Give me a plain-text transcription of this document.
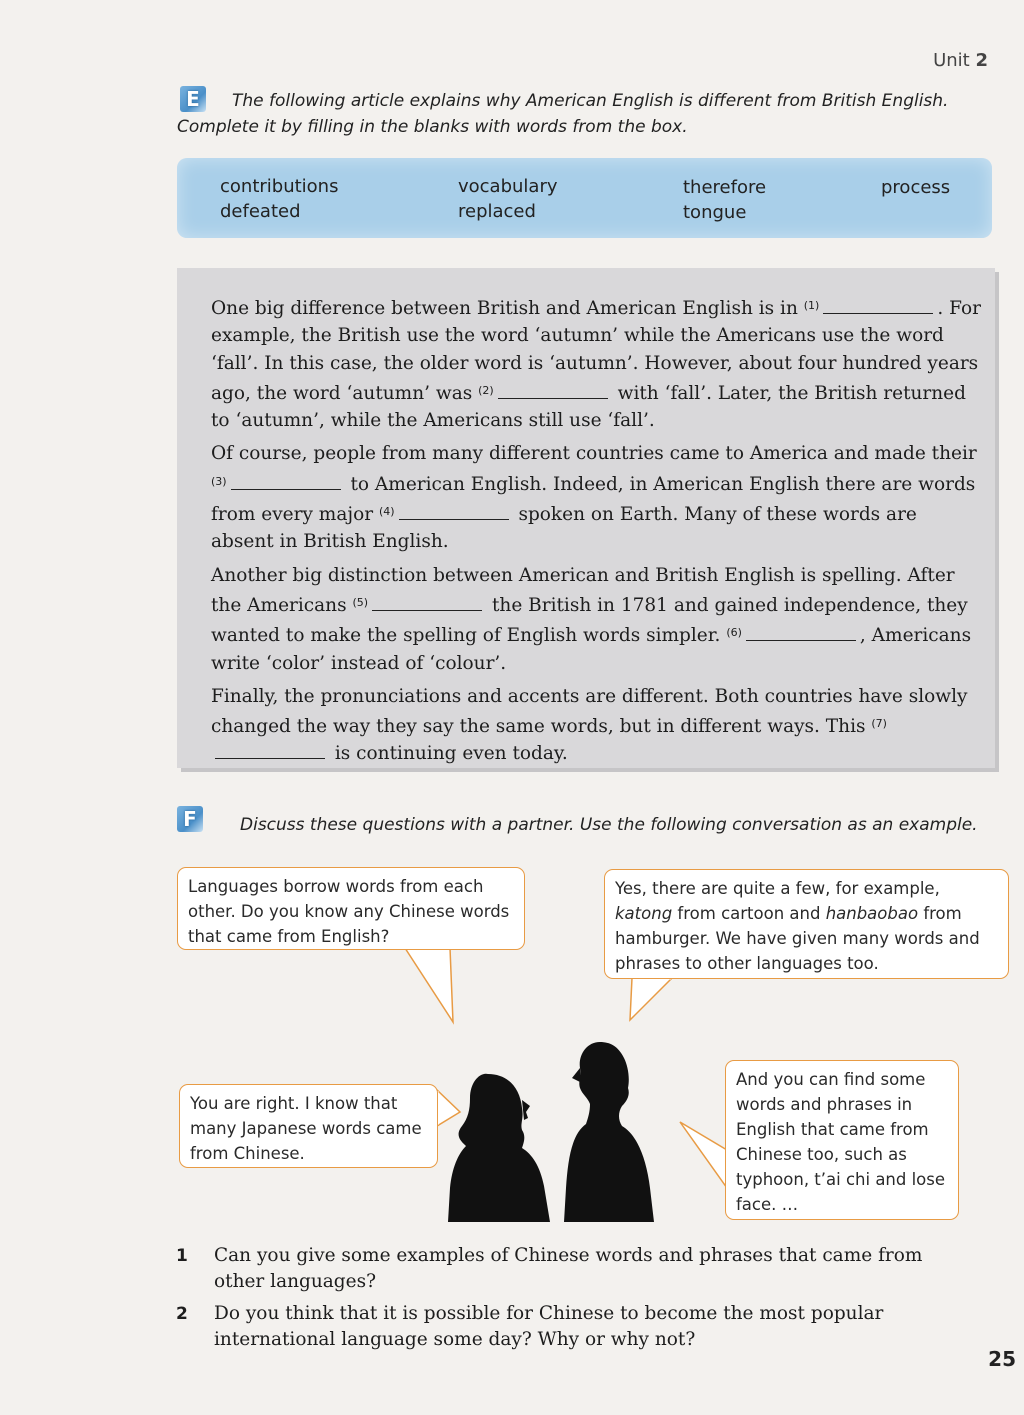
Unit 2
E	The following article explains why American English is different from British English.
Complete it by filling in the blanks with words from the box.
contributions	vocabulary	therefore	process
defeated	replaced	tongue

One big difference between British and American English is in $^{(1)}$	. For example, the British use the word ‘autumn’ while the Americans use the word ‘fall’. In this case, the older word is ‘autumn’. However, about four hundred years ago, the word ‘autumn’ was $^{(2)}$	with ‘fall’. Later, the British returned to ‘autumn’, while the Americans still use ‘fall’.

Of course, people from many different countries came to America and made their $^{(3)}$	to American English. Indeed, in American English there are words from every major $^{(4)}$	spoken on Earth. Many of these words are absent in British English.

Another big distinction between American and British English is spelling. After the Americans $^{(5)}$	the British in 1781 and gained independence, they wanted to make the spelling of English words simpler. $^{(6)}$	, Americans write ‘color’ instead of ‘colour’.

Finally, the pronunciations and accents are different. Both countries have slowly changed the way they say the same words, but in different ways. This $^{(7)}$ is continuing even today.

F	Discuss these questions with a partner. Use the following conversation as an example.
Languages borrow words from each other. Do you know any Chinese words that came from English?
Yes, there are quite a few, for example, katong from cartoon and hanbaobao from hamburger. We have given many words and phrases to other languages too.
You are right. I know that many Japanese words came from Chinese.
And you can find some words and phrases in English that came from Chinese too, such as typhoon, t’ai chi and lose face. …
1	Can you give some examples of Chinese words and phrases that came from other languages?
2	Do you think that it is possible for Chinese to become the most popular international language some day? Why or why not?
25
